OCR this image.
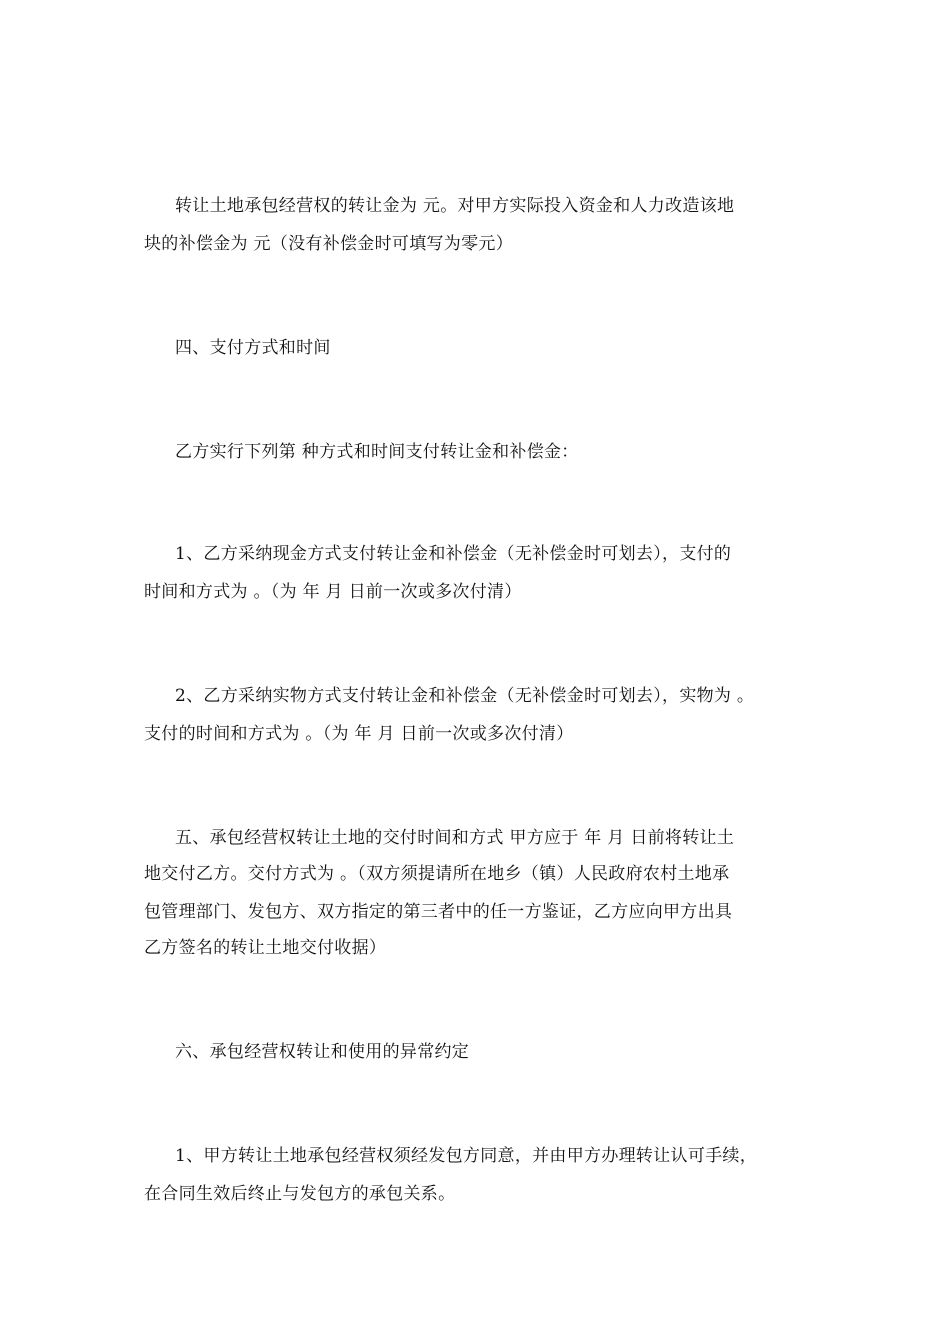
转让土地承包经营权的转让金为 元。对甲方实际投入资金和人力改造该地
块的补偿金为 元（没有补偿金时可填写为零元）
四、支付方式和时间
乙方实行下列第 种方式和时间支付转让金和补偿金：
1、乙方采纳现金方式支付转让金和补偿金（无补偿金时可划去），支付的
时间和方式为 。（为 年 月 日前一次或多次付清）
2、乙方采纳实物方式支付转让金和补偿金（无补偿金时可划去），实物为 。
支付的时间和方式为 。（为 年 月 日前一次或多次付清）
五、承包经营权转让土地的交付时间和方式 甲方应于 年 月 日前将转让土
地交付乙方。交付方式为 。（双方须提请所在地乡（镇）人民政府农村土地承
包管理部门、发包方、双方指定的第三者中的任一方鉴证，乙方应向甲方出具
乙方签名的转让土地交付收据）
六、承包经营权转让和使用的异常约定
1、甲方转让土地承包经营权须经发包方同意，并由甲方办理转让认可手续，
在合同生效后终止与发包方的承包关系。
